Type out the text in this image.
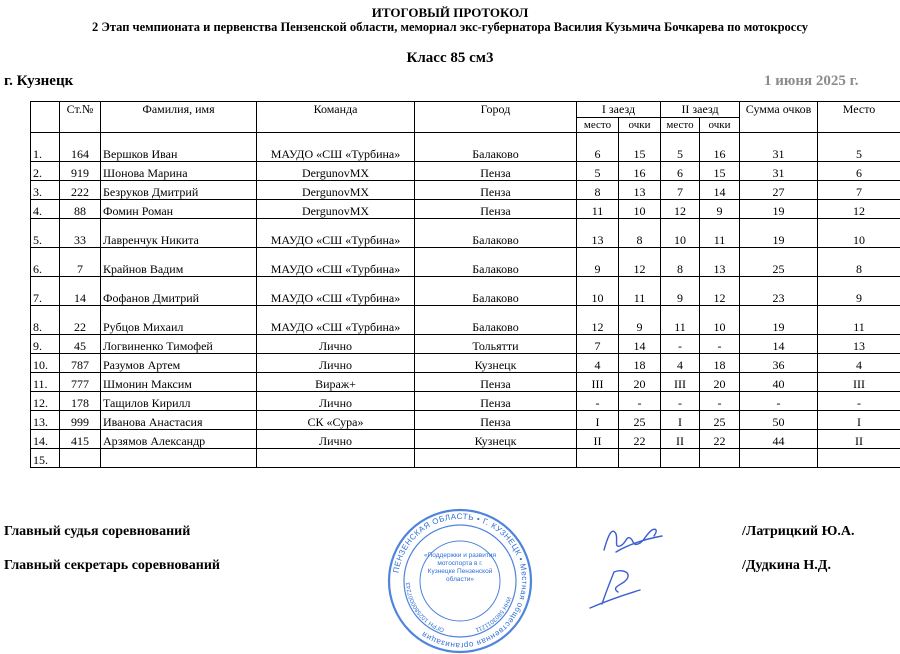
ИТОГОВЫЙ ПРОТОКОЛ
2 Этап чемпионата и первенства Пензенской области, мемориал экс-губернатора Василия Кузьмича Бочкарева по мотокроссу
Класс 85 см3
г. Кузнецк	1 июня 2025 г.
	Ст.№	Фамилия, имя	Команда	Город	I заезд		II заезд		Сумма очков	Место
					место	очки	место	очки		
1.	164	Вершков Иван	МАУДО «СШ «Турбина»	Балаково	6	15	5	16	31	5
2.	919	Шонова Марина	DergunovMX	Пенза	5	16	6	15	31	6
3.	222	Безруков Дмитрий	DergunovMX	Пенза	8	13	7	14	27	7
4.	88	Фомин Роман	DergunovMX	Пенза	11	10	12	9	19	12
5.	33	Лавренчук Никита	МАУДО «СШ «Турбина»	Балаково	13	8	10	11	19	10
6.	7	Крайнов Вадим	МАУДО «СШ «Турбина»	Балаково	9	12	8	13	25	8
7.	14	Фофанов Дмитрий	МАУДО «СШ «Турбина»	Балаково	10	11	9	12	23	9
8.	22	Рубцов Михаил	МАУДО «СШ «Турбина»	Балаково	12	9	11	10	19	11
9.	45	Логвиненко Тимофей	Лично	Тольятти	7	14	-	-	14	13
10.	787	Разумов Артем	Лично	Кузнецк	4	18	4	18	36	4
11.	777	Шмонин Максим	Вираж+	Пенза	III	20	III	20	40	III
12.	178	Тащилов Кирилл	Лично	Пенза	-	-	-	-	-	-
13.	999	Иванова Анастасия	СК «Сура»	Пенза	I	25	I	25	50	I
14.	415	Арзямов Александр	Лично	Кузнецк	II	22	II	22	44	II
15.										
Главный судья соревнований	/Латрицкий Ю.А.
Главный секретарь соревнований	/Дудкина Н.Д.
ПЕНЗЕНСКАЯ ОБЛАСТЬ • Г. КУЗНЕЦК • Местная общественная организация
ИНН 5803011211
ОГРН 1025800007243
«Поддержки и развития мотоспорта в г. Кузнецке Пензенской области»
